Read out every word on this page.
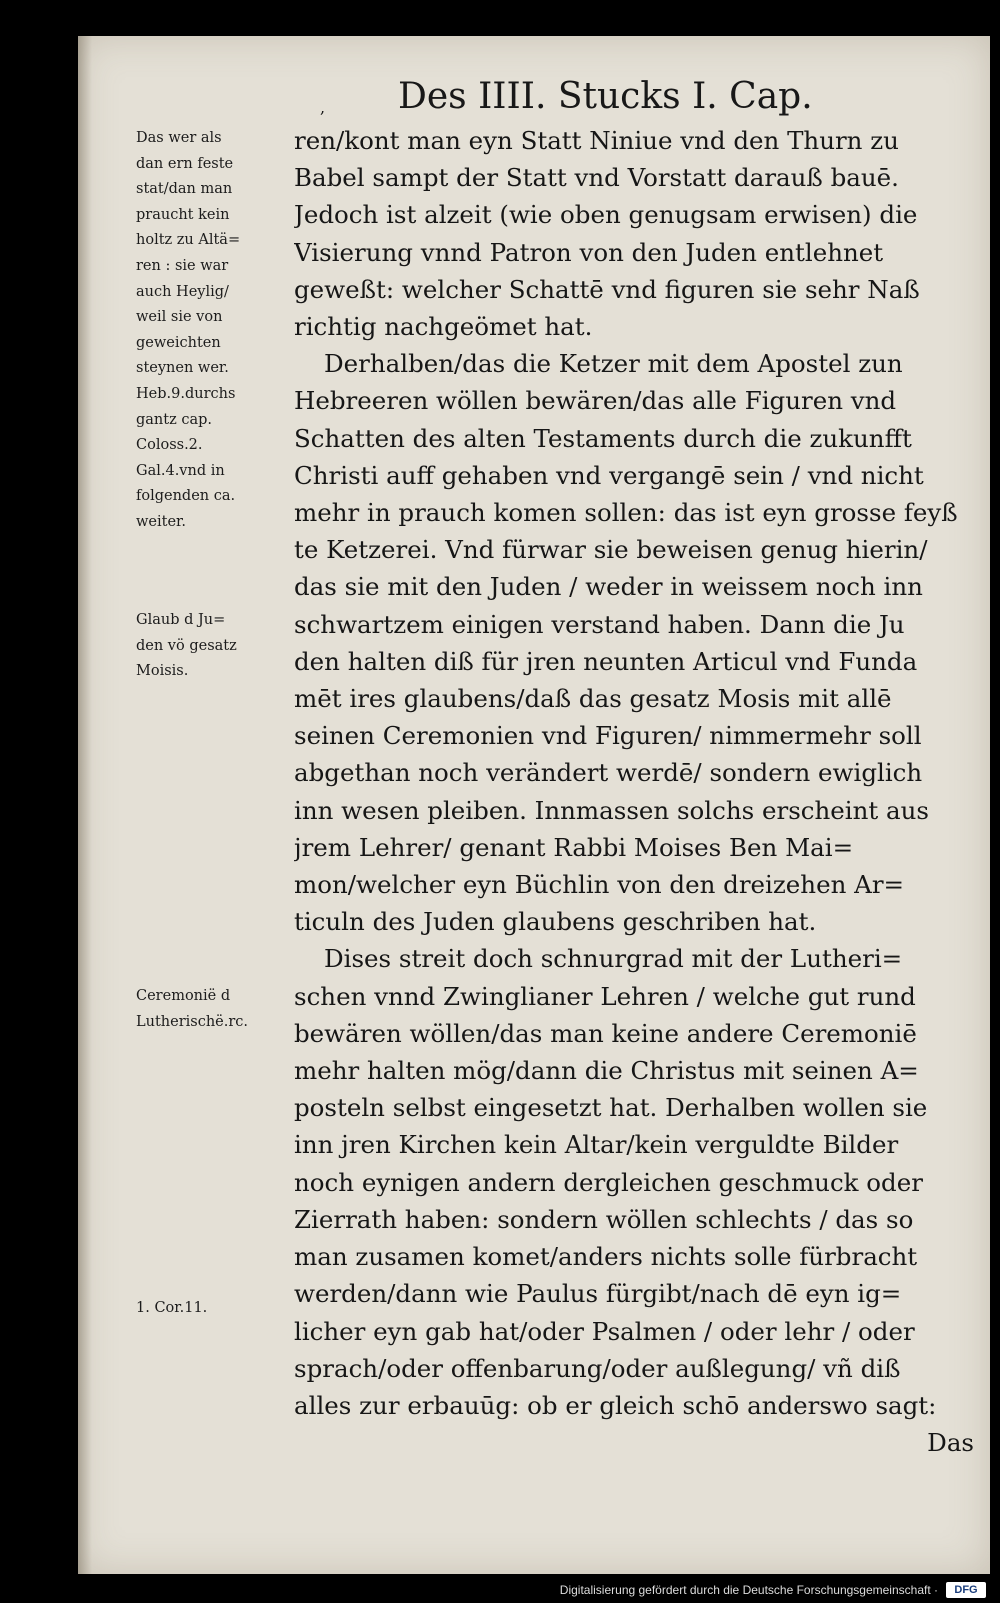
, Des IIII. Stucks I. Cap.
Das wer als
dan ern feste
stat/dan man
praucht kein
holtz zu Altä=
ren : sie war
auch Heylig/
weil sie von
geweichten
steynen wer.
Heb.9.durchs
gantz cap.
Coloss.2.
Gal.4.vnd in
folgenden ca.
weiter.
Glaub d Ju=
den vö gesatz
Moisis.
Ceremonië d
Lutherischë.rc.
1. Cor.11.
ren/kont man eyn Statt Niniue vnd den Thurn zu
Babel sampt der Statt vnd Vorstatt darauß bauē.
Jedoch ist alzeit (wie oben genugsam erwisen) die
Visierung vnnd Patron von den Juden entlehnet
geweßt: welcher Schattē vnd figuren sie sehr Naß
richtig nachgeömet hat.
Derhalben/das die Ketzer mit dem Apostel zun
Hebreeren wöllen bewären/das alle Figuren vnd
Schatten des alten Testaments durch die zukunfft
Christi auff gehaben vnd vergangē sein / vnd nicht
mehr in prauch komen sollen: das ist eyn grosse feyß
te Ketzerei. Vnd fürwar sie beweisen genug hierin/
das sie mit den Juden / weder in weissem noch inn
schwartzem einigen verstand haben. Dann die Ju
den halten diß für jren neunten Articul vnd Funda
mēt ires glaubens/daß das gesatz Mosis mit allē
seinen Ceremonien vnd Figuren/ nimmermehr soll
abgethan noch verändert werdē/ sondern ewiglich
inn wesen pleiben. Innmassen solchs erscheint aus
jrem Lehrer/ genant Rabbi Moises Ben Mai=
mon/welcher eyn Büchlin von den dreizehen Ar=
ticuln des Juden glaubens geschriben hat.
Dises streit doch schnurgrad mit der Lutheri=
schen vnnd Zwinglianer Lehren / welche gut rund
bewären wöllen/das man keine andere Ceremoniē
mehr halten mög/dann die Christus mit seinen A=
posteln selbst eingesetzt hat. Derhalben wollen sie
inn jren Kirchen kein Altar/kein verguldte Bilder
noch eynigen andern dergleichen geschmuck oder
Zierrath haben: sondern wöllen schlechts / das so
man zusamen komet/anders nichts solle fürbracht
werden/dann wie Paulus fürgibt/nach dē eyn ig=
licher eyn gab hat/oder Psalmen / oder lehr / oder
sprach/oder offenbarung/oder außlegung/ vñ diß
alles zur erbauūg: ob er gleich schō anderswo sagt:
Das
Digitalisierung gefördert durch die Deutsche Forschungsgemeinschaft ·	DFG
